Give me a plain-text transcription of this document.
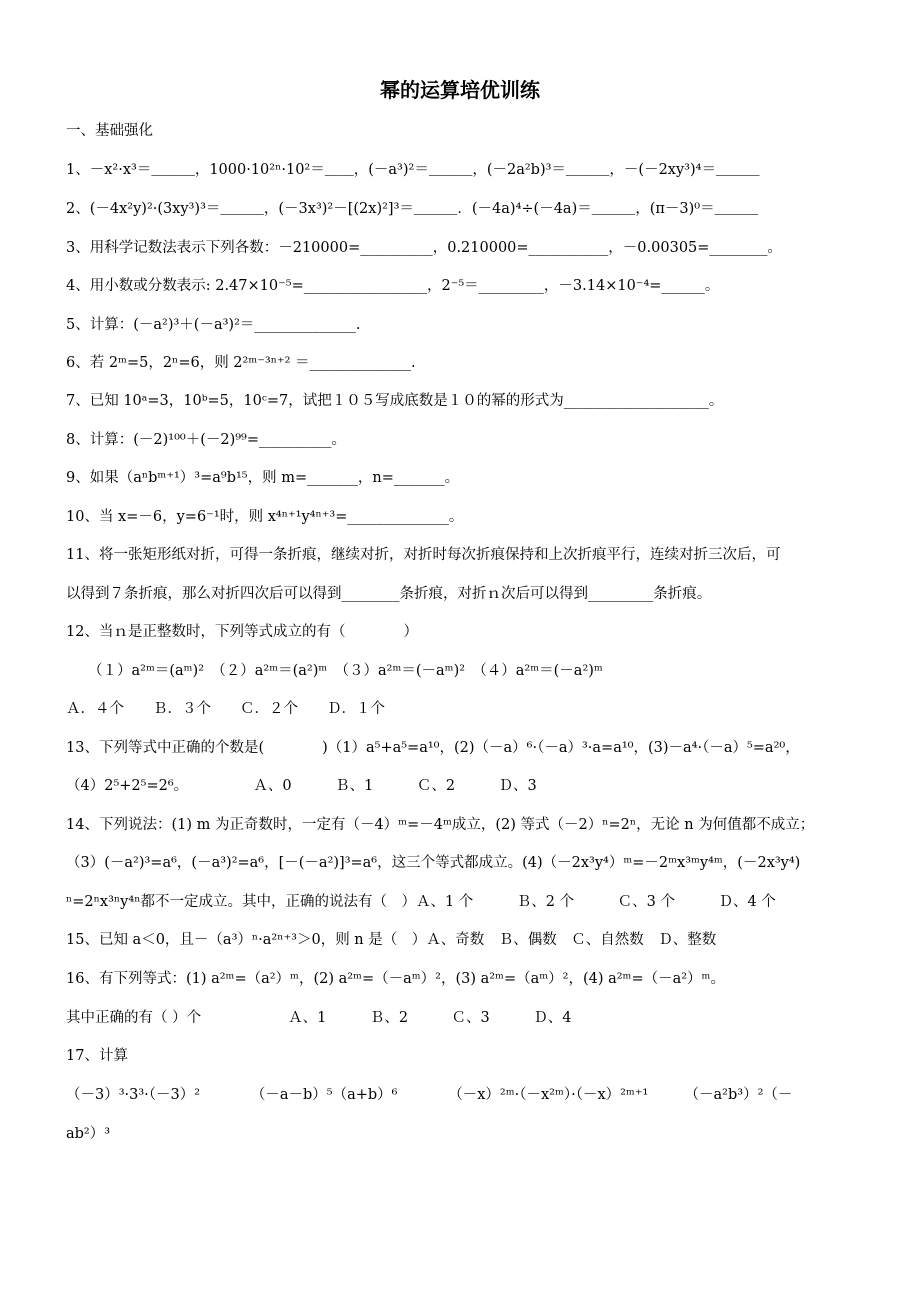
幂的运算培优训练
一、基础强化
1、－x²·x³＝＿＿＿，1000·10²ⁿ·10²＝＿＿，(－a³)²＝＿＿＿，(－2a²b)³＝＿＿＿，－(－2xy³)⁴＝＿＿＿
2、(－4x²y)²·(3xy³)³＝＿＿＿，(－3x³)²－[(2x)²]³＝＿＿＿．(－4a)⁴÷(－4a)＝＿＿＿，(π－3)⁰＝＿＿＿
3、用科学记数法表示下列各数：－210000=__________，0.210000=___________，－0.00305=________。
4、用小数或分数表示: 2.47×10⁻⁵=_________________，2⁻⁵＝_________，－3.14×10⁻⁴=______。
5、计算：(－a²)³＋(－a³)²＝______________.
6、若 2ᵐ=5，2ⁿ=6，则 2²ᵐ⁻³ⁿ⁺² ＝______________.
7、已知 10ᵃ=3，10ᵇ=5，10ᶜ=7，试把１０５写成底数是１０的幂的形式为____________________。
8、计算：(－2)¹⁰⁰＋(－2)⁹⁹=__________。
9、如果（aⁿbᵐ⁺¹）³=a⁹b¹⁵，则 m=_______，n=_______。
10、当 x=－6，y=6⁻¹时，则 x⁴ⁿ⁺¹y⁴ⁿ⁺³=______________。
11、将一张矩形纸对折，可得一条折痕，继续对折，对折时每次折痕保持和上次折痕平行，连续对折三次后，可
以得到７条折痕，那么对折四次后可以得到________条折痕，对折ｎ次后可以得到_________条折痕。
12、当ｎ是正整数时，下列等式成立的有（　　　　）
（１）a²ᵐ＝(aᵐ)²　（２）a²ᵐ＝(a²)ᵐ　（３）a²ᵐ＝(－aᵐ)²　（４）a²ᵐ＝(－a²)ᵐ
Ａ．４个　　Ｂ．３个　　Ｃ．２个　　Ｄ．１个
13、下列等式中正确的个数是(　　　　)（1）a⁵+a⁵=a¹⁰，(2)（－a）⁶·（－a）³·a=a¹⁰，(3)－a⁴·（－a）⁵=a²⁰，
（4）2⁵+2⁵=2⁶。　　　　　Ａ、0　　　Ｂ、1　　　Ｃ、2　　　Ｄ、3
14、下列说法：(1) m 为正奇数时，一定有（－4）ᵐ=－4ᵐ成立，(2) 等式（－2）ⁿ=2ⁿ，无论 n 为何值都不成立；
（3）(－a²)³=a⁶，(－a³)²=a⁶，[－(－a²)]³=a⁶，这三个等式都成立。(4)（－2x³y⁴）ᵐ=－2ᵐx³ᵐy⁴ᵐ，(－2x³y⁴)
ⁿ=2ⁿx³ⁿy⁴ⁿ都不一定成立。其中，正确的说法有（　）Ａ、1 个　　　Ｂ、2 个　　　Ｃ、3 个　　　Ｄ、4 个
15、已知 a＜0，且－（a³）ⁿ·a²ⁿ⁺³＞0，则 n 是（　）Ａ、奇数　Ｂ、偶数　Ｃ、自然数　Ｄ、整数
16、有下列等式：(1) a²ᵐ=（a²）ᵐ，(2) a²ᵐ=（－aᵐ）²，(3) a²ᵐ=（aᵐ）²，(4) a²ᵐ=（－a²）ᵐ。
其中正确的有（ ）个　　　　　　Ａ、1　　　Ｂ、2　　　Ｃ、3　　　Ｄ、4
17、计算
（－3）³·3³·（－3）²　　　　（－a－b）⁵（a+b）⁶　　　　（－x）²ᵐ·（－x²ᵐ）·（－x）²ᵐ⁺¹　　　（－a²b³）²（－
ab²）³
